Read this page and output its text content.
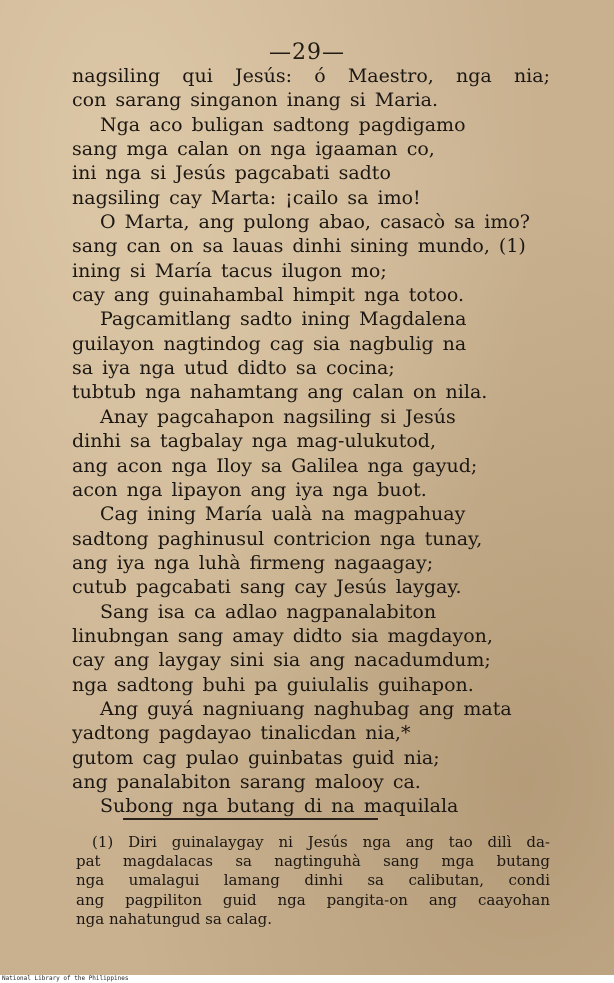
—29—
nagsiling qui Jesús: ó Maestro, nga nia;
con sarang singanon inang si Maria.
Nga aco buligan sadtong pagdigamo
sang mga calan on nga igaaman co,
ini nga si Jesús pagcabati sadto
nagsiling cay Marta: ¡cailo sa imo!
O Marta, ang pulong abao, casacò sa imo?
sang can on sa lauas dinhi sining mundo, (1)
ining si María tacus ilugon mo;
cay ang guinahambal himpit nga totoo.
Pagcamitlang sadto ining Magdalena
guilayon nagtindog cag sia nagbulig na
sa iya nga utud didto sa cocina;
tubtub nga nahamtang ang calan on nila.
Anay pagcahapon nagsiling si Jesús
dinhi sa tagbalay nga mag-ulukutod,
ang acon nga Iloy sa Galilea nga gayud;
acon nga lipayon ang iya nga buot.
Cag ining María ualà na magpahuay
sadtong paghinusul contricion nga tunay,
ang iya nga luhà firmeng nagaagay;
cutub pagcabati sang cay Jesús laygay.
Sang isa ca adlao nagpanalabiton
linubngan sang amay didto sia magdayon,
cay ang laygay sini sia ang nacadumdum;
nga sadtong buhi pa guiulalis guihapon.
Ang guyá nagniuang naghubag ang mata
yadtong pagdayao tinalicdan nia,*
gutom cag pulao guinbatas guid nia;
ang panalabiton sarang malooy ca.
Subong nga butang di na maquilala
(1) Diri guinalaygay ni Jesús nga ang tao dilì da-
pat magdalacas sa nagtinguhà sang mga butang
nga umalagui lamang dinhi sa calibutan, condi
ang pagpiliton guid nga pangita-on ang caayohan
nga nahatungud sa calag.
National Library of the Philippines
